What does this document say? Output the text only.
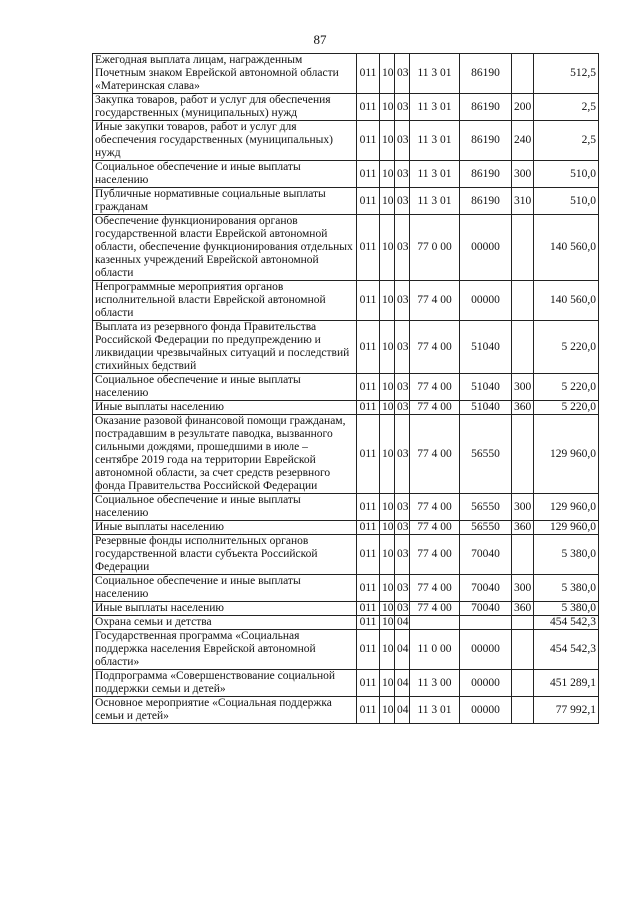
87
Ежегодная выплата лицам, награжденным Почетным знаком Еврейской автономной области «Материнская слава»	011	10	03	11 3 01	86190		512,5
Закупка товаров, работ и услуг для обеспечения государственных (муниципальных) нужд	011	10	03	11 3 01	86190	200	2,5
Иные закупки товаров, работ и услуг для обеспечения государственных (муниципальных) нужд	011	10	03	11 3 01	86190	240	2,5
Социальное обеспечение и иные выплаты населению	011	10	03	11 3 01	86190	300	510,0
Публичные нормативные социальные выплаты гражданам	011	10	03	11 3 01	86190	310	510,0
Обеспечение функционирования органов государственной власти Еврейской автономной области, обеспечение функционирования отдельных казенных учреждений Еврейской автономной области	011	10	03	77 0 00	00000		140 560,0
Непрограммные мероприятия органов исполнительной власти Еврейской автономной области	011	10	03	77 4 00	00000		140 560,0
Выплата из резервного фонда Правительства Российской Федерации по предупреждению и ликвидации чрезвычайных ситуаций и последствий стихийных бедствий	011	10	03	77 4 00	51040		5 220,0
Социальное обеспечение и иные выплаты населению	011	10	03	77 4 00	51040	300	5 220,0
Иные выплаты населению	011	10	03	77 4 00	51040	360	5 220,0
Оказание разовой финансовой помощи гражданам, пострадавшим в результате паводка, вызванного сильными дождями, прошедшими в июле – сентябре 2019 года на территории Еврейской автономной области, за счет средств резервного фонда Правительства Российской Федерации	011	10	03	77 4 00	56550		129 960,0
Социальное обеспечение и иные выплаты населению	011	10	03	77 4 00	56550	300	129 960,0
Иные выплаты населению	011	10	03	77 4 00	56550	360	129 960,0
Резервные фонды исполнительных органов государственной власти субъекта Российской Федерации	011	10	03	77 4 00	70040		5 380,0
Социальное обеспечение и иные выплаты населению	011	10	03	77 4 00	70040	300	5 380,0
Иные выплаты населению	011	10	03	77 4 00	70040	360	5 380,0
Охрана семьи и детства	011	10	04				454 542,3
Государственная программа «Социальная поддержка населения Еврейской автономной области»	011	10	04	11 0 00	00000		454 542,3
Подпрограмма «Совершенствование социальной поддержки семьи и детей»	011	10	04	11 3 00	00000		451 289,1
Основное мероприятие «Социальная поддержка семьи и детей»	011	10	04	11 3 01	00000		77 992,1
